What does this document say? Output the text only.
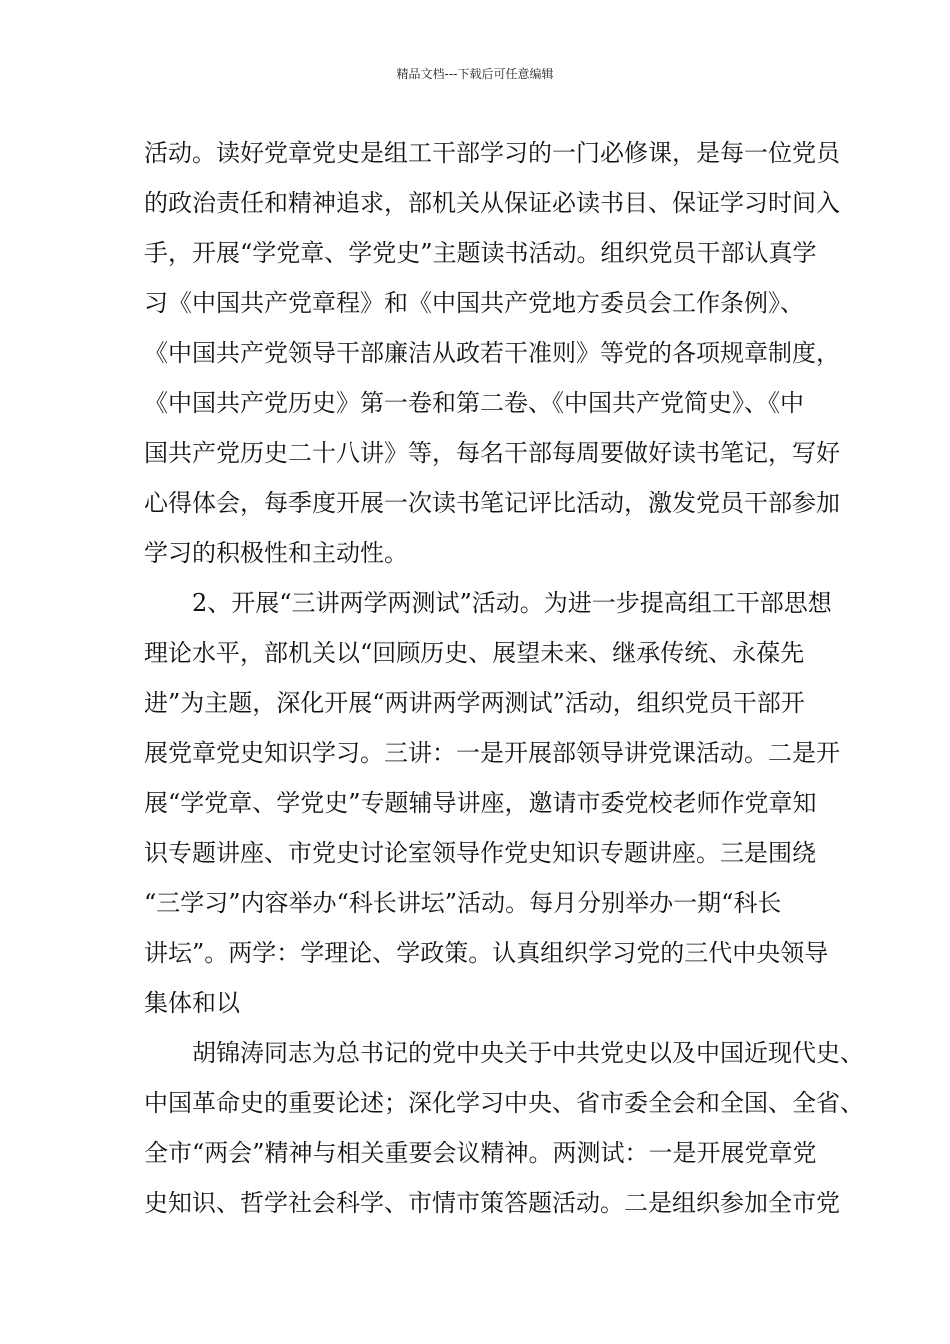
精品文档---下载后可任意编辑
活动。读好党章党史是组工干部学习的一门必修课，是每一位党员
的政治责任和精神追求，部机关从保证必读书目、保证学习时间入
手，开展“学党章、学党史”主题读书活动。组织党员干部认真学
习《中国共产党章程》和《中国共产党地方委员会工作条例》、
《中国共产党领导干部廉洁从政若干准则》等党的各项规章制度，
《中国共产党历史》第一卷和第二卷、《中国共产党简史》、《中
国共产党历史二十八讲》等，每名干部每周要做好读书笔记，写好
心得体会，每季度开展一次读书笔记评比活动，激发党员干部参加
学习的积极性和主动性。
2、开展“三讲两学两测试”活动。为进一步提高组工干部思想
理论水平，部机关以“回顾历史、展望未来、继承传统、永葆先
进”为主题，深化开展“两讲两学两测试”活动，组织党员干部开
展党章党史知识学习。三讲：一是开展部领导讲党课活动。二是开
展“学党章、学党史”专题辅导讲座，邀请市委党校老师作党章知
识专题讲座、市党史讨论室领导作党史知识专题讲座。三是围绕
“三学习”内容举办“科长讲坛”活动。每月分别举办一期“科长
讲坛”。两学：学理论、学政策。认真组织学习党的三代中央领导
集体和以
胡锦涛同志为总书记的党中央关于中共党史以及中国近现代史、
中国革命史的重要论述；深化学习中央、省市委全会和全国、全省、
全市“两会”精神与相关重要会议精神。两测试：一是开展党章党
史知识、哲学社会科学、市情市策答题活动。二是组织参加全市党
